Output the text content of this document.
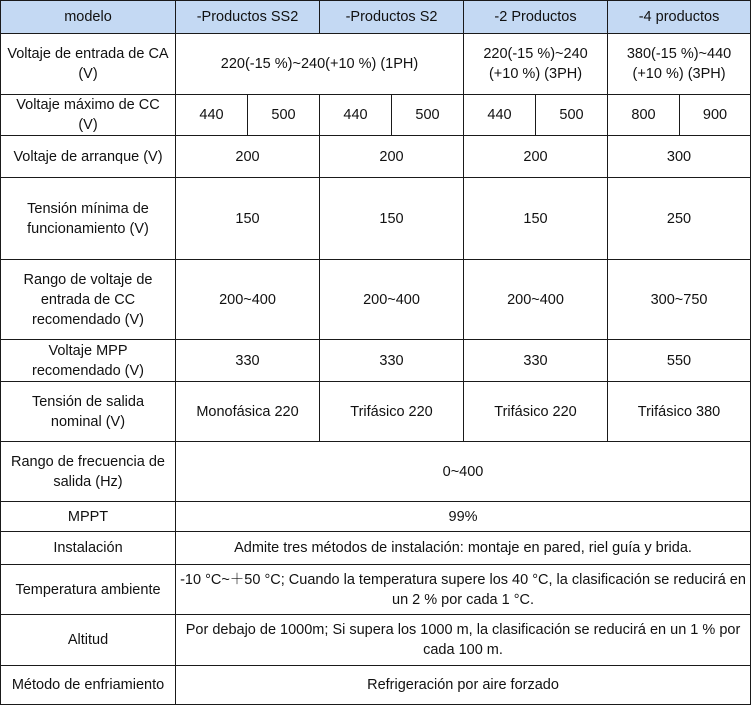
modelo	-Productos SS2		-Productos S2		-2 Productos		-4 productos	
Voltaje de entrada de CA (V)	220(-15 %)~240(+10 %) (1PH)				220(-15 %)~240 (+10 %) (3PH)		380(-15 %)~440 (+10 %) (3PH)	
Voltaje máximo de CC (V)	440	500	440	500	440	500	800	900
Voltaje de arranque (V)	200		200		200		300	
Tensión mínima de funcionamiento (V)	150		150		150		250	
Rango de voltaje de entrada de CC recomendado (V)	200~400		200~400		200~400		300~750	
Voltaje MPP recomendado (V)	330		330		330		550	
Tensión de salida nominal (V)	Monofásica 220		Trifásico 220		Trifásico 220		Trifásico 380	
Rango de frecuencia de salida (Hz)	0~400							
MPPT	99%							
Instalación	Admite tres métodos de instalación: montaje en pared, riel guía y brida.							
Temperatura ambiente	-10 °C~＋50 °C; Cuando la temperatura supere los 40 °C, la clasificación se reducirá en un 2 % por cada 1 °C.							
Altitud	Por debajo de 1000m; Si supera los 1000 m, la clasificación se reducirá en un 1 % por cada 100 m.							
Método de enfriamiento	Refrigeración por aire forzado							
